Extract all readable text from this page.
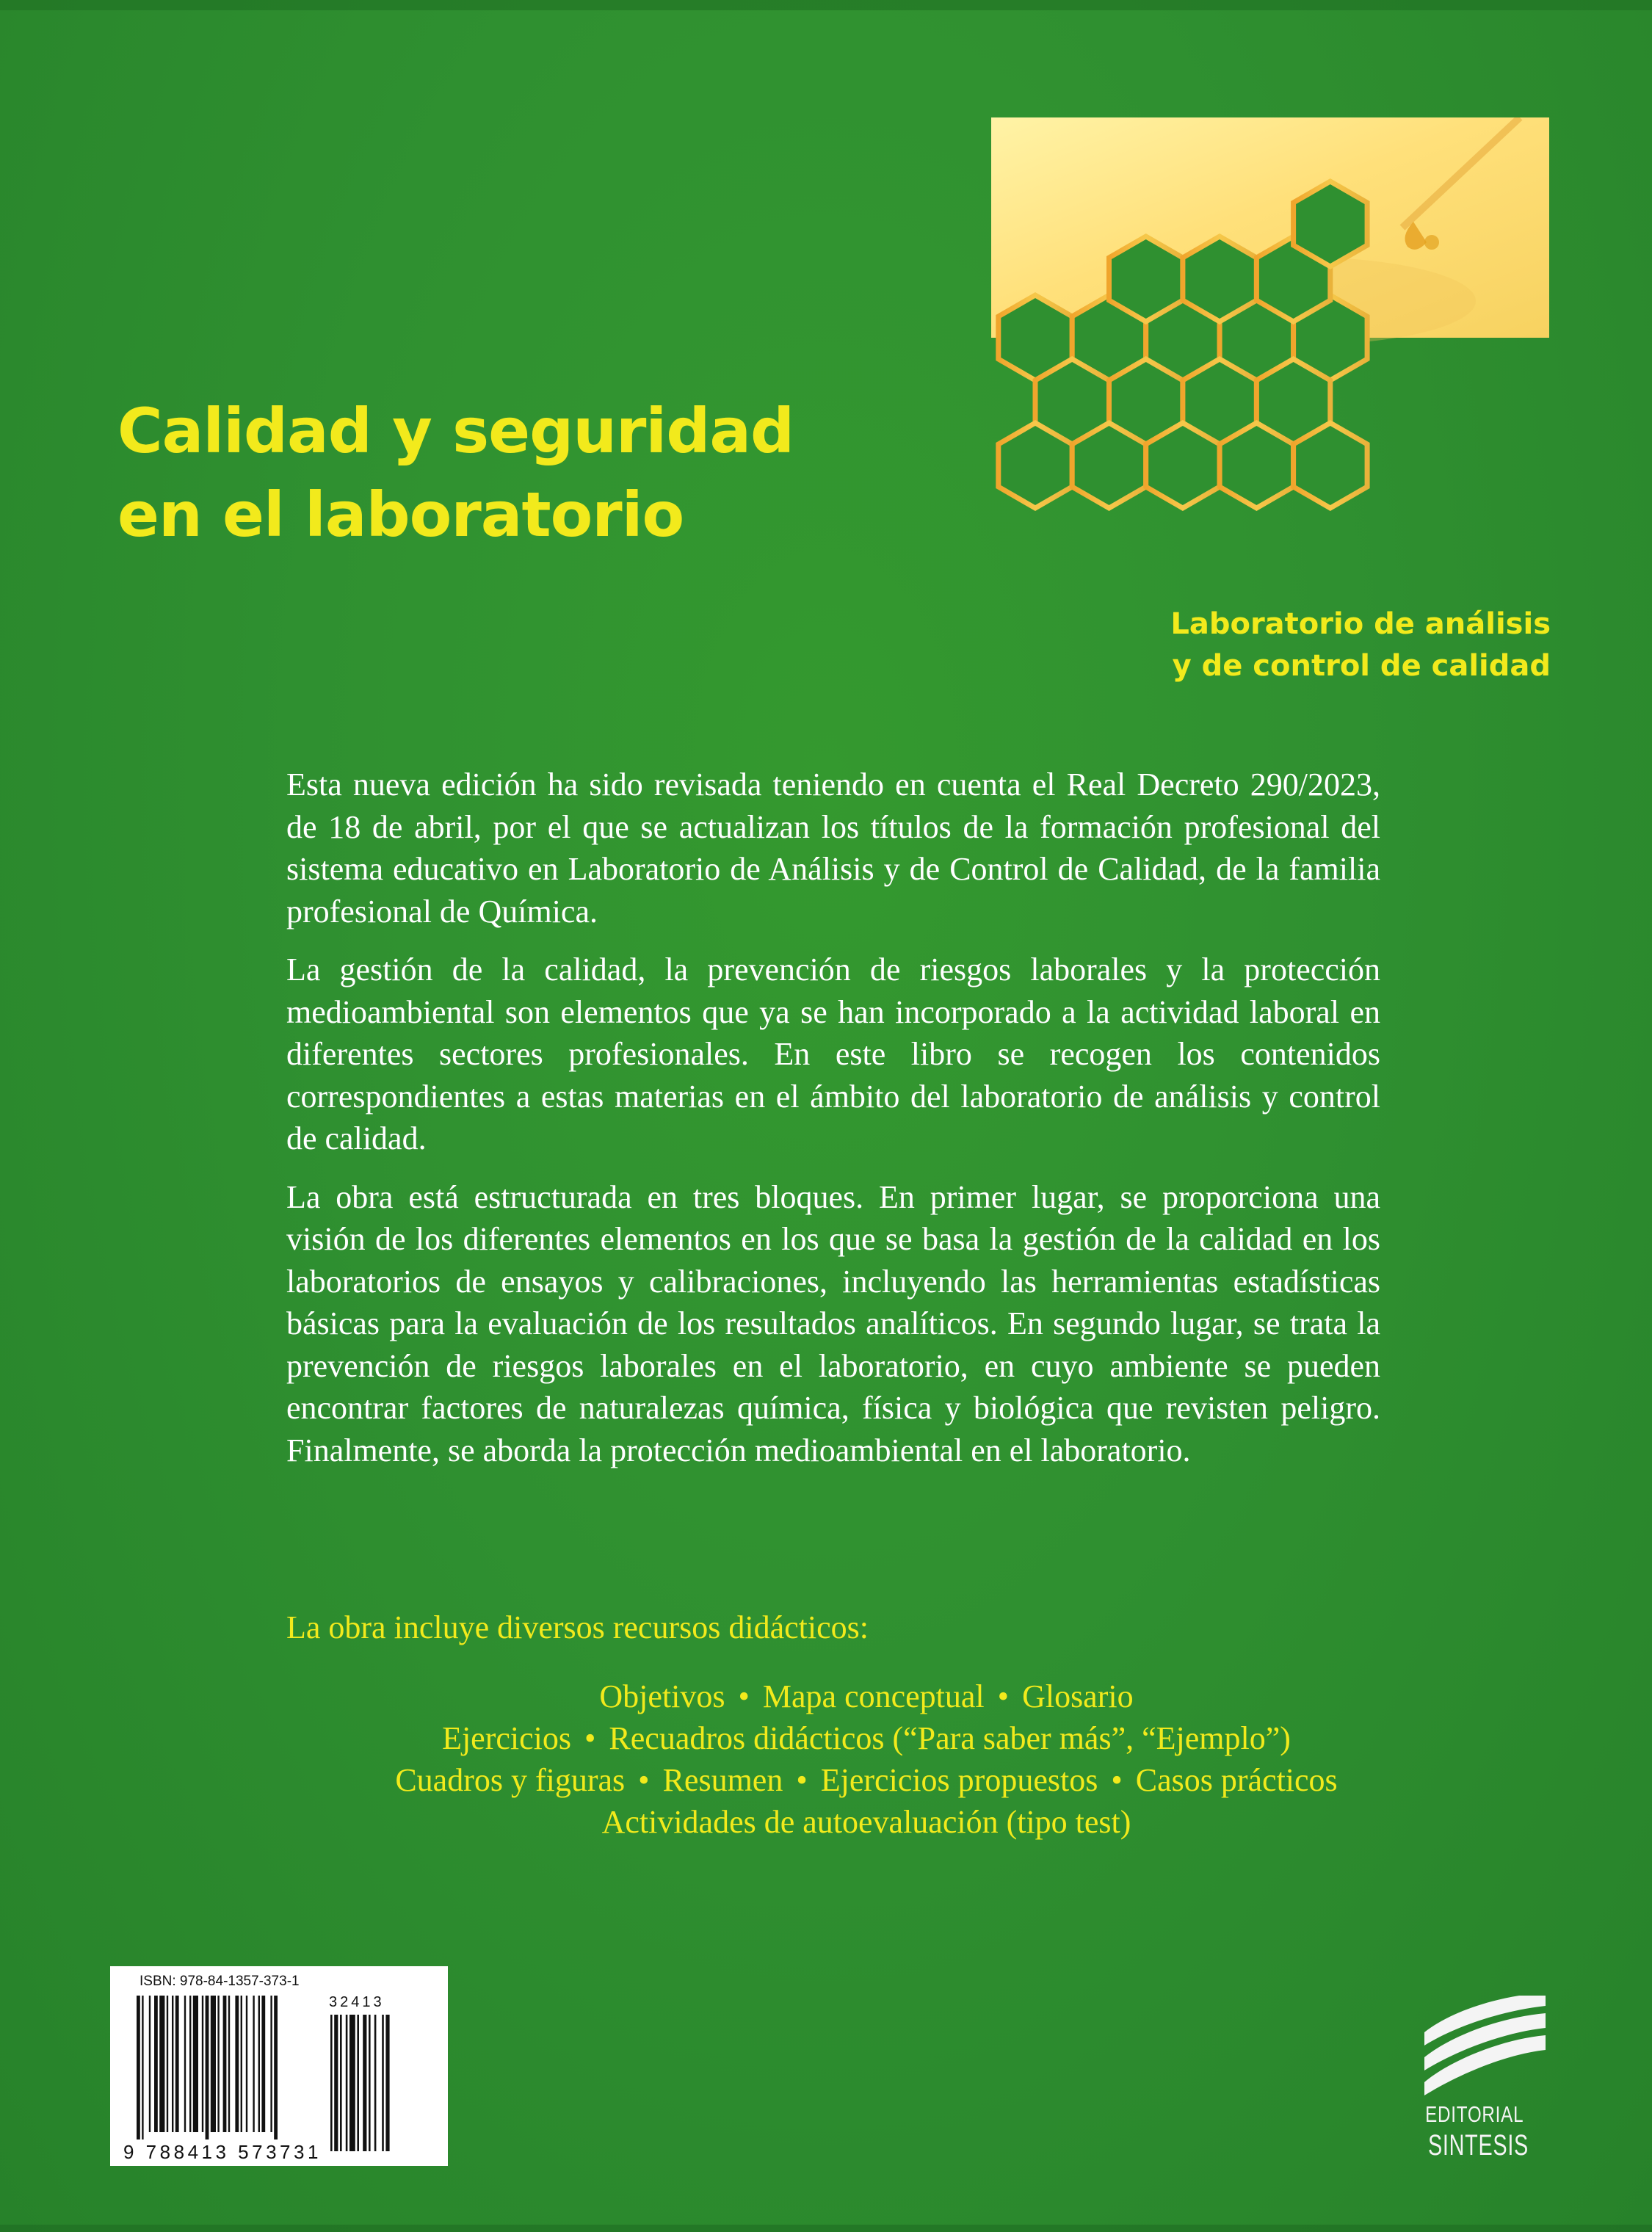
Calidad y seguridad
en el laboratorio
Laboratorio de análisis
y de control de calidad

Esta nueva edición ha sido revisada teniendo en cuenta el Real Decreto 290/2023, de 18 de abril, por el que se actualizan los títulos de la formación profesional del sistema educativo en Laboratorio de Análisis y de Control de Calidad, de la familia profesional de Química.

La gestión de la calidad, la prevención de riesgos laborales y la protección medioambiental son elementos que ya se han incorporado a la actividad laboral en diferentes sectores profesionales. En este libro se recogen los contenidos correspondientes a estas materias en el ámbito del laboratorio de análisis y control de calidad.

La obra está estructurada en tres bloques. En primer lugar, se proporciona una visión de los diferentes elementos en los que se basa la gestión de la calidad en los laboratorios de ensayos y calibraciones, incluyendo las herramientas estadísticas básicas para la evaluación de los resultados analíticos. En segundo lugar, se trata la prevención de riesgos laborales en el laboratorio, en cuyo ambiente se pueden encontrar factores de naturalezas química, física y biológica que revisten peligro. Finalmente, se aborda la protección medioambiental en el laboratorio.

La obra incluye diversos recursos didácticos:
Objetivos • Mapa conceptual • Glosario
Ejercicios • Recuadros didácticos (“Para saber más”, “Ejemplo”)
Cuadros y figuras • Resumen • Ejercicios propuestos • Casos prácticos
Actividades de autoevaluación (tipo test)
ISBN: 978-84-1357-373-1
32413
9 788413 573731
EDITORIAL
SINTESIS
